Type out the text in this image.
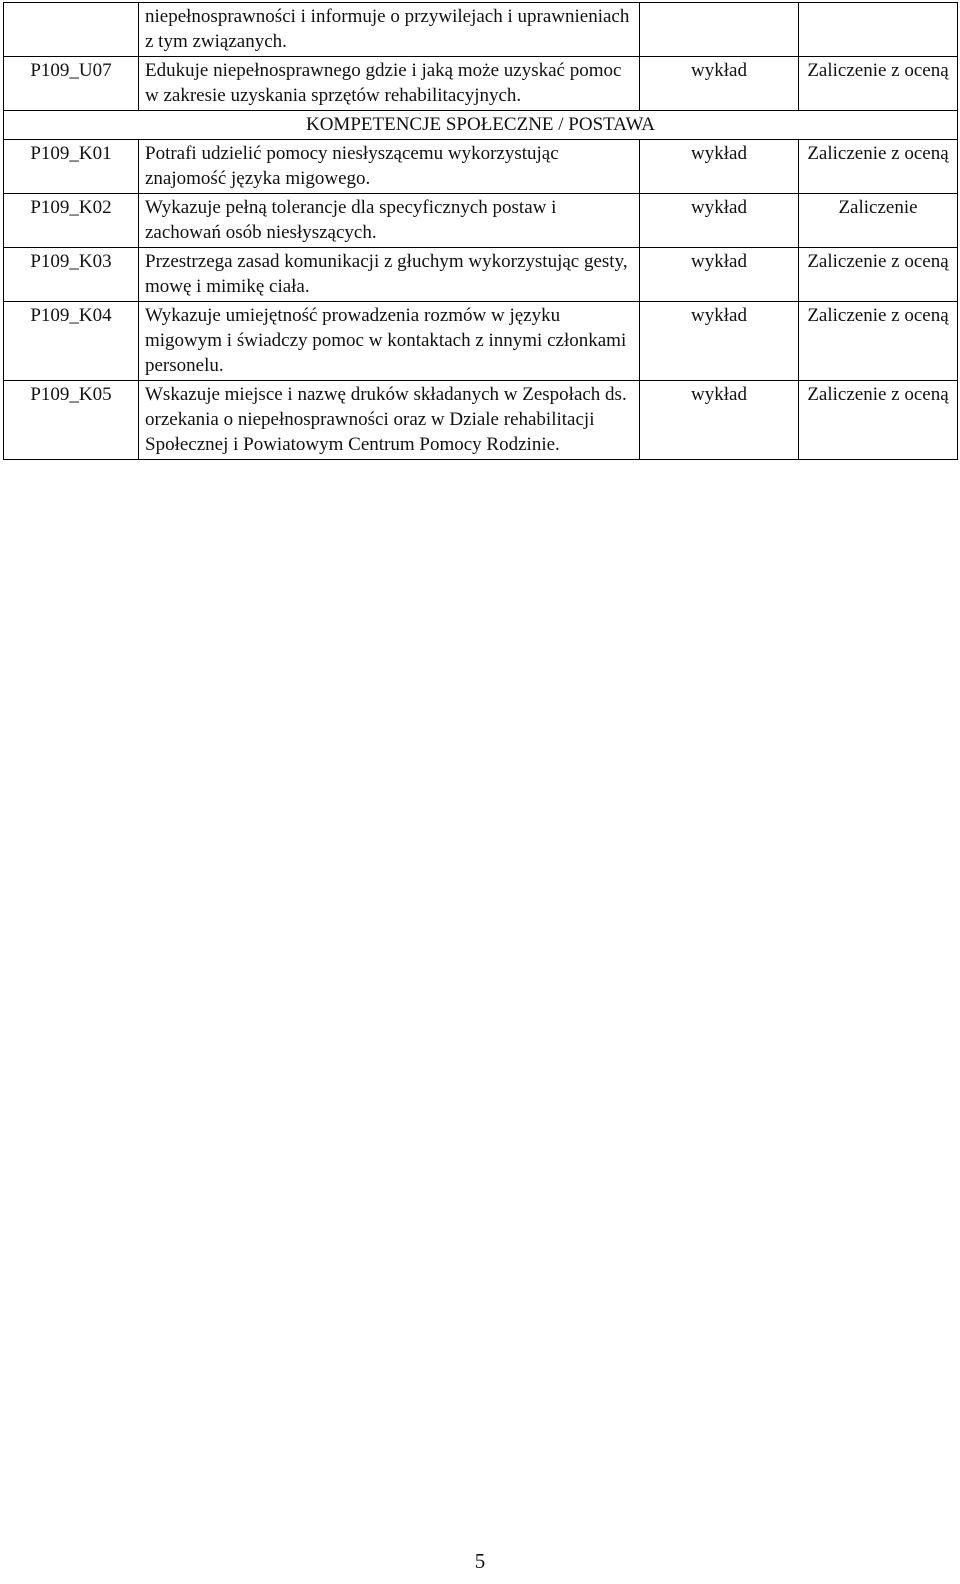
	niepełnosprawności i informuje o przywilejach i uprawnieniach z tym związanych.		
P109_U07	Edukuje niepełnosprawnego gdzie i jaką może uzyskać pomoc w zakresie uzyskania sprzętów rehabilitacyjnych.	wykład	Zaliczenie z oceną
KOMPETENCJE SPOŁECZNE / POSTAWA			
P109_K01	Potrafi udzielić pomocy niesłyszącemu wykorzystując znajomość języka migowego.	wykład	Zaliczenie z oceną
P109_K02	Wykazuje pełną tolerancje dla specyficznych postaw i zachowań osób niesłyszących.	wykład	Zaliczenie
P109_K03	Przestrzega zasad komunikacji z głuchym wykorzystując gesty, mowę i mimikę ciała.	wykład	Zaliczenie z oceną
P109_K04	Wykazuje umiejętność prowadzenia rozmów w języku migowym i świadczy pomoc w kontaktach z innymi członkami personelu.	wykład	Zaliczenie z oceną
P109_K05	Wskazuje miejsce i nazwę druków składanych w Zespołach ds. orzekania o niepełnosprawności oraz w Dziale rehabilitacji Społecznej i Powiatowym Centrum Pomocy Rodzinie.	wykład	Zaliczenie z oceną
5
